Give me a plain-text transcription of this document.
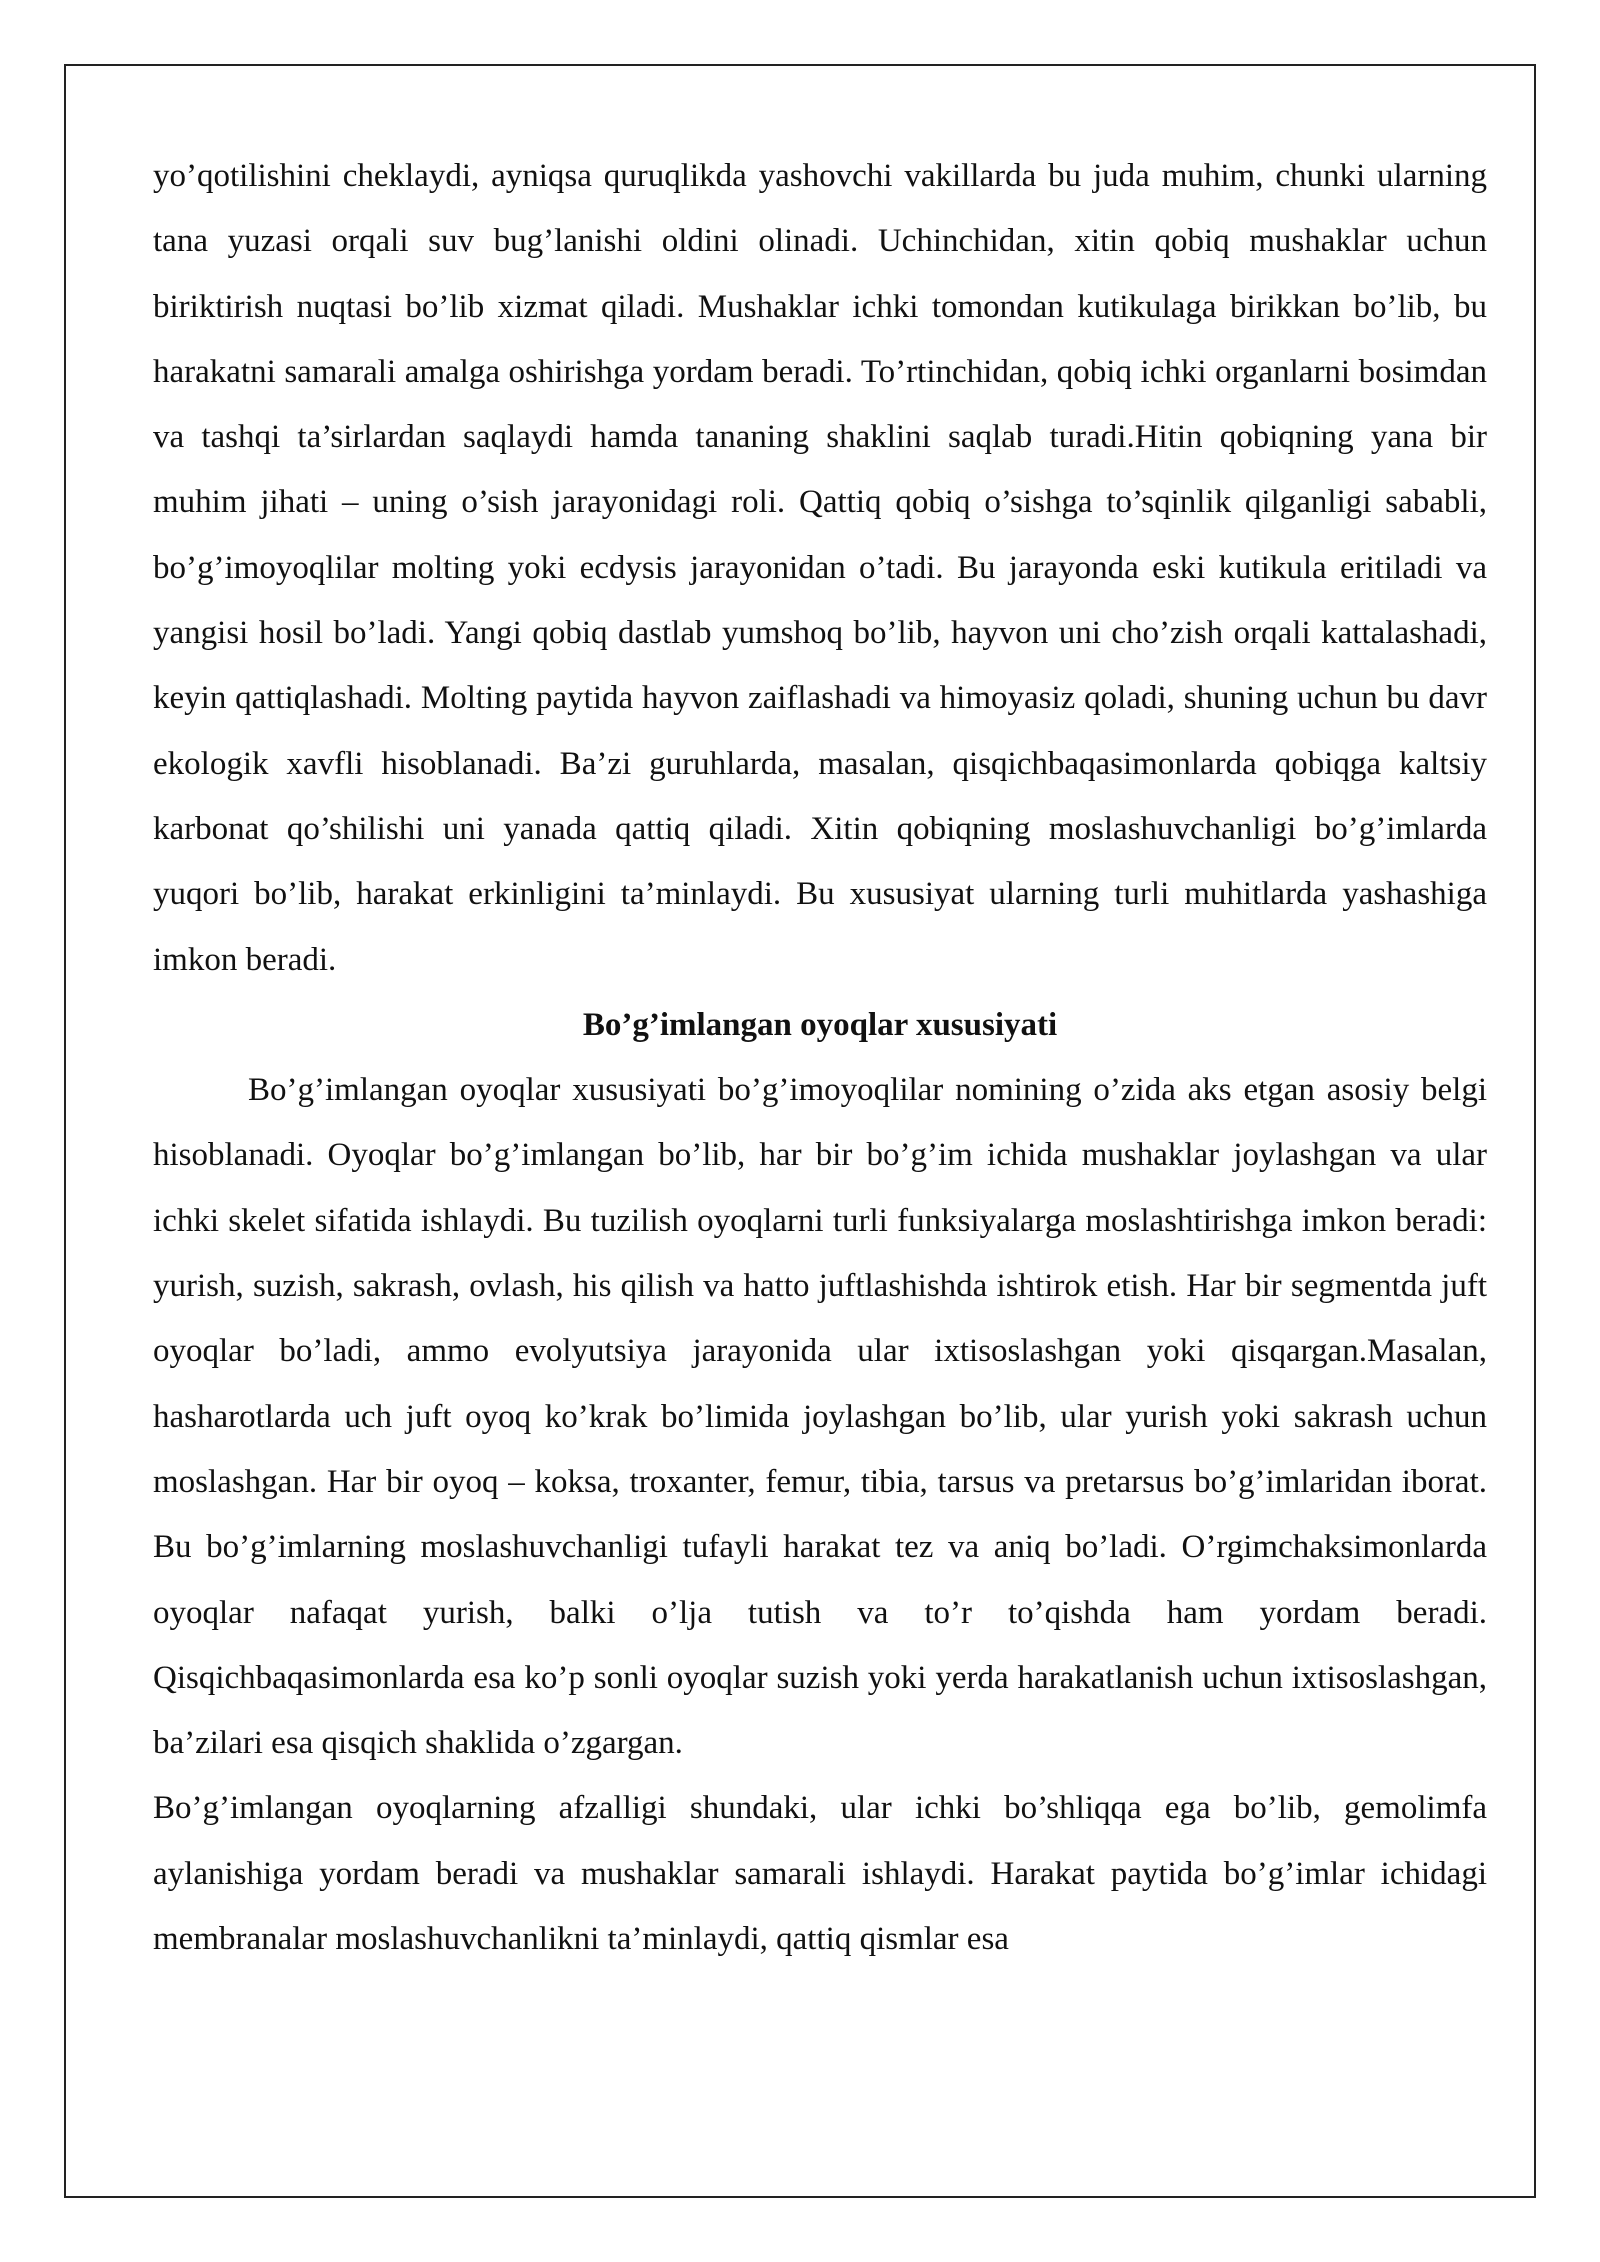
yo’qotilishini cheklaydi, ayniqsa quruqlikda yashovchi vakillarda bu juda muhim, chunki ularning tana yuzasi orqali suv bug’lanishi oldini olinadi. Uchinchidan, xitin qobiq mushaklar uchun biriktirish nuqtasi bo’lib xizmat qiladi. Mushaklar ichki tomondan kutikulaga birikkan bo’lib, bu harakatni samarali amalga oshirishga yordam beradi. To’rtinchidan, qobiq ichki organlarni bosimdan va tashqi ta’sirlardan saqlaydi hamda tananing shaklini saqlab turadi.Hitin qobiqning yana bir muhim jihati – uning o’sish jarayonidagi roli. Qattiq qobiq o’sishga to’sqinlik qilganligi sababli, bo’g’imoyoqlilar molting yoki ecdysis jarayonidan o’tadi. Bu jarayonda eski kutikula eritiladi va yangisi hosil bo’ladi. Yangi qobiq dastlab yumshoq bo’lib, hayvon uni cho’zish orqali kattalashadi, keyin qattiqlashadi. Molting paytida hayvon zaiflashadi va himoyasiz qoladi, shuning uchun bu davr ekologik xavfli hisoblanadi. Ba’zi guruhlarda, masalan, qisqichbaqasimonlarda qobiqga kaltsiy karbonat qo’shilishi uni yanada qattiq qiladi. Xitin qobiqning moslashuvchanligi bo’g’imlarda yuqori bo’lib, harakat erkinligini ta’minlaydi. Bu xususiyat ularning turli muhitlarda yashashiga imkon beradi.

Bo’g’imlangan oyoqlar xususiyati

Bo’g’imlangan oyoqlar xususiyati bo’g’imoyoqlilar nomining o’zida aks etgan asosiy belgi hisoblanadi. Oyoqlar bo’g’imlangan bo’lib, har bir bo’g’im ichida mushaklar joylashgan va ular ichki skelet sifatida ishlaydi. Bu tuzilish oyoqlarni turli funksiyalarga moslashtirishga imkon beradi: yurish, suzish, sakrash, ovlash, his qilish va hatto juftlashishda ishtirok etish. Har bir segmentda juft oyoqlar bo’ladi, ammo evolyutsiya jarayonida ular ixtisoslashgan yoki qisqargan.Masalan, hasharotlarda uch juft oyoq ko’krak bo’limida joylashgan bo’lib, ular yurish yoki sakrash uchun moslashgan. Har bir oyoq – koksa, troxanter, femur, tibia, tarsus va pretarsus bo’g’imlaridan iborat. Bu bo’g’imlarning moslashuvchanligi tufayli harakat tez va aniq bo’ladi. O’rgimchaksimonlarda oyoqlar nafaqat yurish, balki o’lja tutish va to’r to’qishda ham yordam beradi. Qisqichbaqasimonlarda esa ko’p sonli oyoqlar suzish yoki yerda harakatlanish uchun ixtisoslashgan, ba’zilari esa qisqich shaklida o’zgargan.

Bo’g’imlangan oyoqlarning afzalligi shundaki, ular ichki bo’shliqqa ega bo’lib, gemolimfa aylanishiga yordam beradi va mushaklar samarali ishlaydi. Harakat paytida bo’g’imlar ichidagi membranalar moslashuvchanlikni ta’minlaydi, qattiq qismlar esa
